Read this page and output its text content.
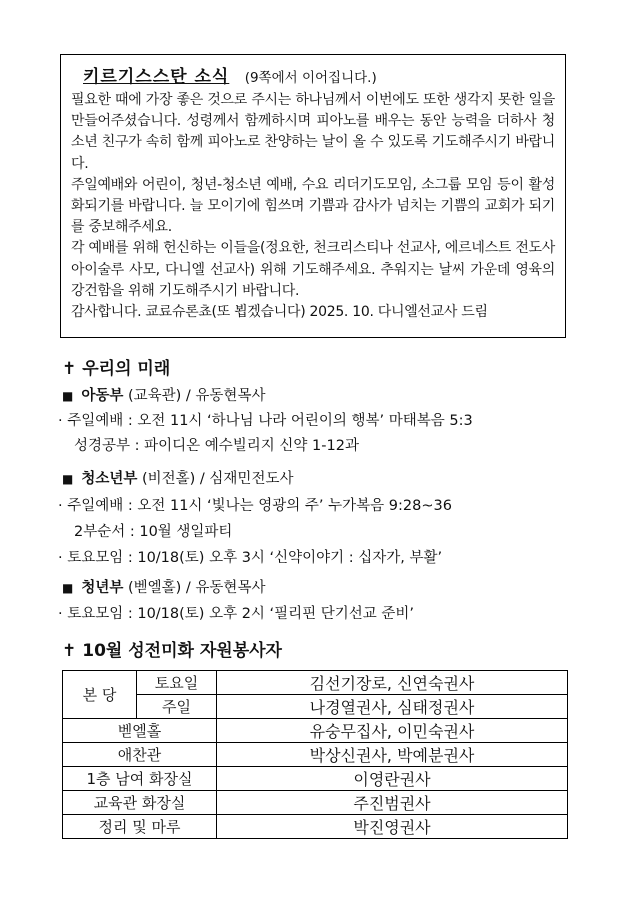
키르기스스탄 소식 (9쪽에서 이어집니다.)

필요한 때에 가장 좋은 것으로 주시는 하나님께서 이번에도 또한 생각지 못한 일을 만들어주셨습니다. 성령께서 함께하시며 피아노를 배우는 동안 능력을 더하사 청소년 친구가 속히 함께 피아노로 찬양하는 날이 올 수 있도록 기도해주시기 바랍니다.

주일예배와 어린이, 청년-청소년 예배, 수요 리더기도모임, 소그룹 모임 등이 활성화되기를 바랍니다. 늘 모이기에 힘쓰며 기쁨과 감사가 넘치는 기쁨의 교회가 되기를 중보해주세요.

각 예배를 위해 헌신하는 이들을(정요한, 천크리스티나 선교사, 에르네스트 전도사 아이술루 사모, 다니엘 선교사) 위해 기도해주세요. 추워지는 날씨 가운데 영육의 강건함을 위해 기도해주시기 바랍니다.

감사합니다. 쿄료슈론쵸(또 뵙겠습니다) 2025. 10. 다니엘선교사 드림

✝ 우리의 미래
■ 아동부 (교육관) / 유동현목사
· 주일예배 : 오전 11시 ‘하나님 나라 어린이의 행복’ 마태복음 5:3
성경공부 : 파이디온 예수빌리지 신약 1-12과
■ 청소년부 (비전홀) / 심재민전도사
· 주일예배 : 오전 11시 ‘빛나는 영광의 주’ 누가복음 9:28~36
2부순서 : 10월 생일파티
· 토요모임 : 10/18(토) 오후 3시 ‘신약이야기 : 십자가, 부활’
■ 청년부 (벧엘홀) / 유동현목사
· 토요모임 : 10/18(토) 오후 2시 ‘필리핀 단기선교 준비’
✝ 10월 성전미화 자원봉사자
본 당	토요일	김선기장로, 신연숙권사
	주일	나경열권사, 심태정권사
벧엘홀		유숭무집사, 이민숙권사
애찬관		박상신권사, 박예분권사
1층 남여 화장실		이영란권사
교육관 화장실		주진범권사
정리 및 마루		박진영권사
